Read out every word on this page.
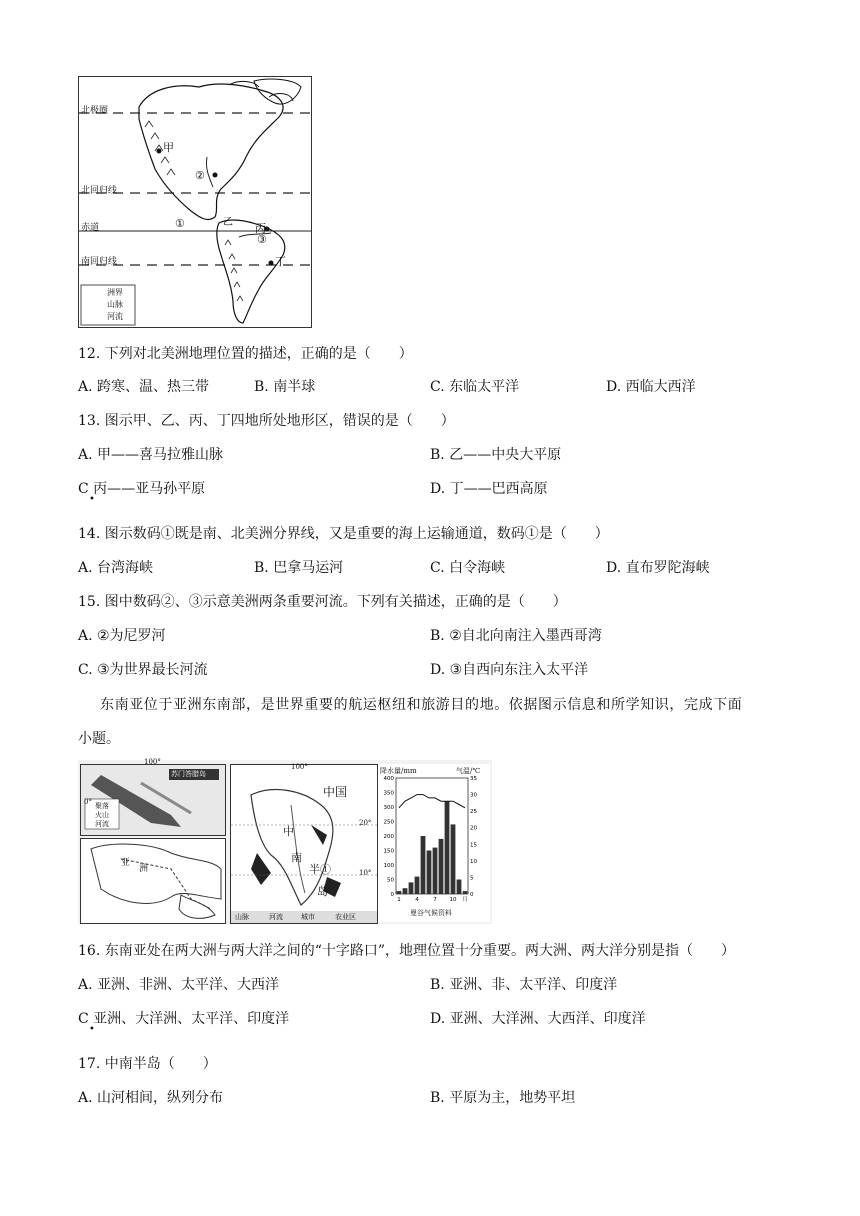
北极圈
北回归线
赤道
南回归线
甲
乙 丙
丁
①
②
③
洲界
山脉
河流
12. 下列对北美洲地理位置的描述，正确的是（　　）
A. 跨寒、温、热三带	B. 南半球	C. 东临太平洋	D. 西临大西洋
13. 图示甲、乙、丙、丁四地所处地形区，错误的是（　　）
A. 甲——喜马拉雅山脉	B. 乙——中央大平原
C 丙——亚马孙平原
•
D. 丁——巴西高原
14. 图示数码①既是南、北美洲分界线，又是重要的海上运输通道，数码①是（　　）
A. 台湾海峡	B. 巴拿马运河	C. 白令海峡	D. 直布罗陀海峡
15. 图中数码②、③示意美洲两条重要河流。下列有关描述，正确的是（　　）
A. ②为尼罗河	B. ②自北向南注入墨西哥湾
C. ③为世界最长河流	D. ③自西向东注入太平洋
东南亚位于亚洲东南部，是世界重要的航运枢纽和旅游目的地。依据图示信息和所学知识，完成下面
小题。
苏门答腊岛
聚落
火山
河流
100°
0°
亚
洲
中国
中
南
半①
岛
20°
10°
100°
山脉	河流	城市	农业区
降水量/mm	气温/℃
0
50
100
150
200
250
300
350
400
0
5
10
15
20
25
30
35
1	4	7 10 月
曼谷气候资料
16. 东南亚处在两大洲与两大洋之间的“十字路口”，地理位置十分重要。两大洲、两大洋分别是指（　　）
A. 亚洲、非洲、太平洋、大西洋	B. 亚洲、非、太平洋、印度洋
C 亚洲、大洋洲、太平洋、印度洋
•
D. 亚洲、大洋洲、大西洋、印度洋
17. 中南半岛（　　）
A. 山河相间，纵列分布	B. 平原为主，地势平坦
